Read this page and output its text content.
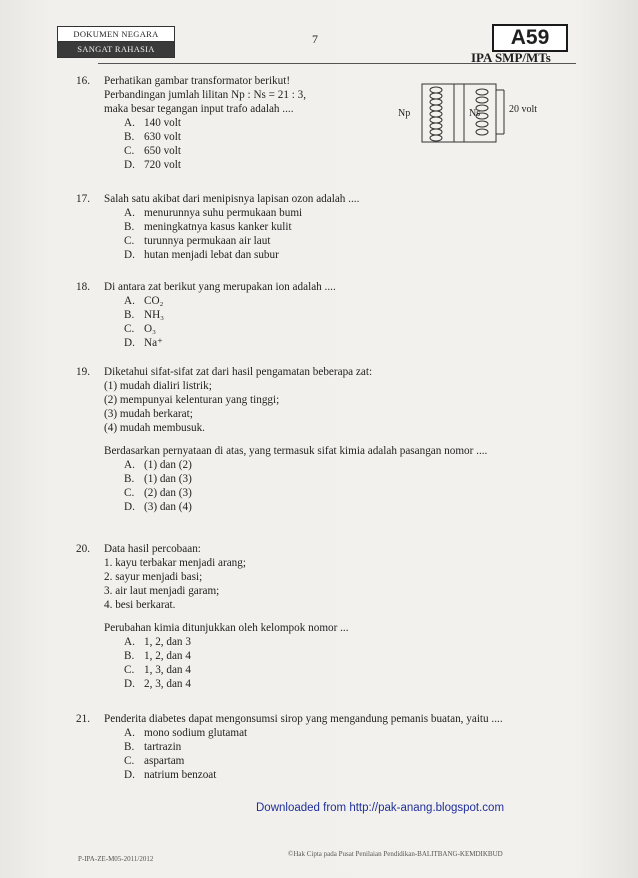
DOKUMEN NEGARA
SANGAT RAHASIA
7	A59
IPA SMP/MTs
16. Perhatikan gambar transformator berikut!
Perbandingan jumlah lilitan Np : Ns = 21 : 3,
maka besar tegangan input trafo adalah ....
A. 140 volt
B. 630 volt
C. 650 volt
D. 720 volt
Np	Ns	20 volt
17. Salah satu akibat dari menipisnya lapisan ozon adalah ....
A. menurunnya suhu permukaan bumi
B. meningkatnya kasus kanker kulit
C. turunnya permukaan air laut
D. hutan menjadi lebat dan subur
18. Di antara zat berikut yang merupakan ion adalah ....
A. CO₂
B. NH₃
C. O₃
D. Na⁺
19. Diketahui sifat-sifat zat dari hasil pengamatan beberapa zat:
(1) mudah dialiri listrik;
(2) mempunyai kelenturan yang tinggi;
(3) mudah berkarat;
(4) mudah membusuk.
Berdasarkan pernyataan di atas, yang termasuk sifat kimia adalah pasangan nomor ....
A. (1) dan (2)
B. (1) dan (3)
C. (2) dan (3)
D. (3) dan (4)
20. Data hasil percobaan:
1. kayu terbakar menjadi arang;
2. sayur menjadi basi;
3. air laut menjadi garam;
4. besi berkarat.
Perubahan kimia ditunjukkan oleh kelompok nomor ...
A. 1, 2, dan 3
B. 1, 2, dan 4
C. 1, 3, dan 4
D. 2, 3, dan 4
21. Penderita diabetes dapat mengonsumsi sirop yang mengandung pemanis buatan, yaitu ....
A. mono sodium glutamat
B. tartrazin
C. aspartam
D. natrium benzoat
Downloaded from http://pak-anang.blogspot.com
P-IPA-ZE-M05-2011/2012
©Hak Cipta pada Pusat Penilaian Pendidikan-BALITBANG-KEMDIKBUD
